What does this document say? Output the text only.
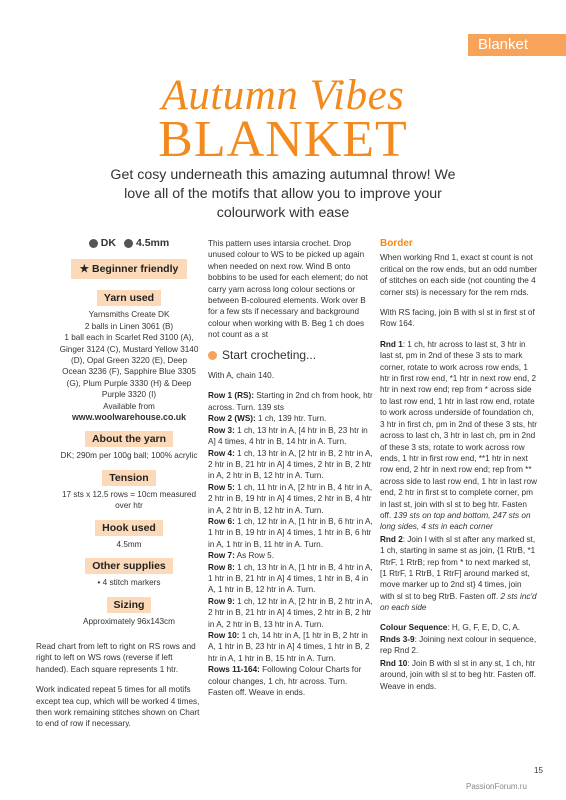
Blanket
Autumn Vibes
BLANKET
Get cosy underneath this amazing autumnal throw! We love all of the motifs that allow you to improve your colourwork with ease
DK 4.5mm
★ Beginner friendly
Yarn used

Yarnsmiths Create DK

2 balls in Linen 3061 (B)

1 ball each in Scarlet Red 3100 (A), Ginger 3124 (C), Mustard Yellow 3140 (D), Opal Green 3220 (E), Deep Ocean 3236 (F), Sapphire Blue 3305 (G), Plum Purple 3330 (H) & Deep Purple 3320 (I)

Available from

www.woolwarehouse.co.uk

About the yarn

DK; 290m per 100g ball; 100% acrylic

Tension

17 sts x 12.5 rows = 10cm measured over htr

Hook used

4.5mm

Other supplies

• 4 stitch markers

Sizing

Approximately 96x143cm

Read chart from left to right on RS rows and right to left on WS rows (reverse if left handed). Each square represents 1 htr.

Work indicated repeat 5 times for all motifs except tea cup, which will be worked 4 times, then work remaining stitches shown on Chart to end of row if necessary.

This pattern uses intarsia crochet. Drop unused colour to WS to be picked up again when needed on next row. Wind B onto bobbins to be used for each element; do not carry yarn across long colour sections or between B-coloured elements. Work over B for a few sts if necessary and background colour when working with B. Beg 1 ch does not count as a st

Start crocheting...

With A, chain 140.

Row 1 (RS): Starting in 2nd ch from hook, htr across. Turn. 139 sts

Row 2 (WS): 1 ch, 139 htr. Turn.

Row 3: 1 ch, 13 htr in A, [4 htr in B, 23 htr in A] 4 times, 4 htr in B, 14 htr in A. Turn.

Row 4: 1 ch, 13 htr in A, [2 htr in B, 2 htr in A, 2 htr in B, 21 htr in A] 4 times, 2 htr in B, 2 htr in A, 2 htr in B, 12 htr in A. Turn.

Row 5: 1 ch, 11 htr in A, [2 htr in B, 4 htr in A, 2 htr in B, 19 htr in A] 4 times, 2 htr in B, 4 htr in A, 2 htr in B, 12 htr in A. Turn.

Row 6: 1 ch, 12 htr in A, [1 htr in B, 6 htr in A, 1 htr in B, 19 htr in A] 4 times, 1 htr in B, 6 htr in A, 1 htr in B, 11 htr in A. Turn.

Row 7: As Row 5.

Row 8: 1 ch, 13 htr in A, [1 htr in B, 4 htr in A, 1 htr in B, 21 htr in A] 4 times, 1 htr in B, 4 in A, 1 htr in B, 12 htr in A. Turn.

Row 9: 1 ch, 12 htr in A, [2 htr in B, 2 htr in A, 2 htr in B, 21 htr in A] 4 times, 2 htr in B, 2 htr in A, 2 htr in B, 13 htr in A. Turn.

Row 10: 1 ch, 14 htr in A, [1 htr in B, 2 htr in A, 1 htr in B, 23 htr in A] 4 times, 1 htr in B, 2 htr in A, 1 htr in B, 15 htr in A. Turn.

Rows 11-164: Following Colour Charts for colour changes, 1 ch, htr across. Turn. Fasten off. Weave in ends.

Border

When working Rnd 1, exact st count is not critical on the row ends, but an odd number of stitches on each side (not counting the 4 corner sts) is necessary for the rem rnds.

With RS facing, join B with sl st in first st of Row 164.

Rnd 1: 1 ch, htr across to last st, 3 htr in last st, pm in 2nd of these 3 sts to mark corner, rotate to work across row ends, 1 htr in first row end, *1 htr in next row end, 2 htr in next row end; rep from * across side to last row end, 1 htr in last row end, rotate to work across underside of foundation ch, 3 htr in first ch, pm in 2nd of these 3 sts, htr across to last ch, 3 htr in last ch, pm in 2nd of these 3 sts, rotate to work across row ends, 1 htr in first row end, **1 htr in next row end, 2 htr in next row end; rep from ** across side to last row end, 1 htr in last row end, 2 htr in first st to complete corner, pm in last st, join with sl st to beg htr. Fasten off. 139 sts on top and bottom, 247 sts on long sides, 4 sts in each corner

Rnd 2: Join I with sl st after any marked st, 1 ch, starting in same st as join, {1 RtrB, *1 RtrF, 1 RtrB; rep from * to next marked st, [1 RtrF, 1 RtrB, 1 RtrF] around marked st, move marker up to 2nd st} 4 times, join with sl st to beg RtrB. Fasten off. 2 sts inc'd on each side

Colour Sequence: H, G, F, E, D, C, A.

Rnds 3-9: Joining next colour in sequence, rep Rnd 2.

Rnd 10: Join B with sl st in any st, 1 ch, htr around, join with sl st to beg htr. Fasten off. Weave in ends.

15
PassionForum.ru
